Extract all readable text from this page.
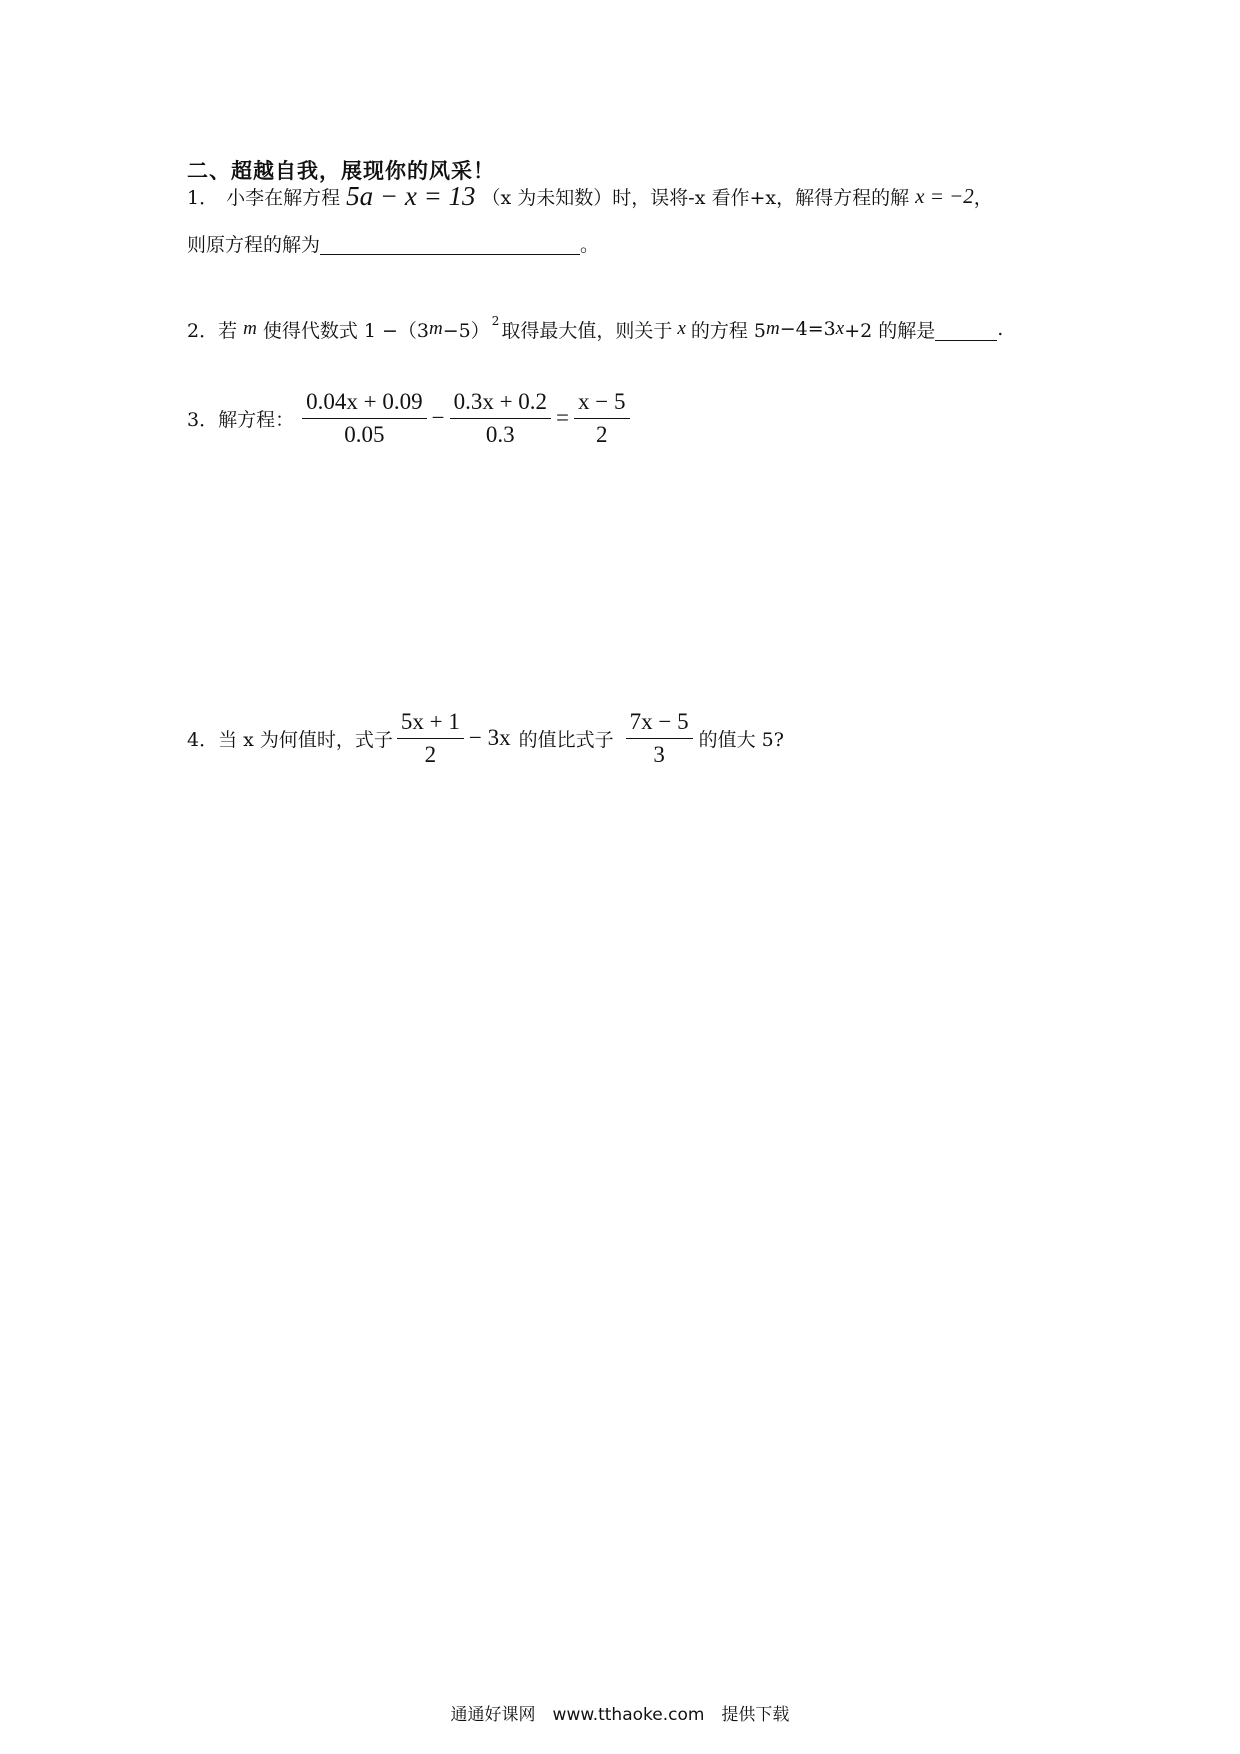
二、超越自我，展现你的风采！
1． 小李在解方程 5a − x = 13 （x 为未知数）时，误将-x 看作+x，解得方程的解 x = −2 ，
则原方程的解为	。
2．若 m 使得代数式 1 −（3 m −5） 2 取得最大值，则关于 x 的方程 5 m −4=3 x +2 的解是	.
3．解方程： $\frac{0.04x + 0.09}{0.05} - \frac{0.3x + 0.2}{0.3} = \frac{x - 5}{2}$
4．当 x 为何值时，式子 $\frac{5x + 1}{2} - 3x$ 的值比式子 $\frac{7x - 5}{3}$ 的值大 5?
通通好课网　www.tthaoke.com　提供下载
